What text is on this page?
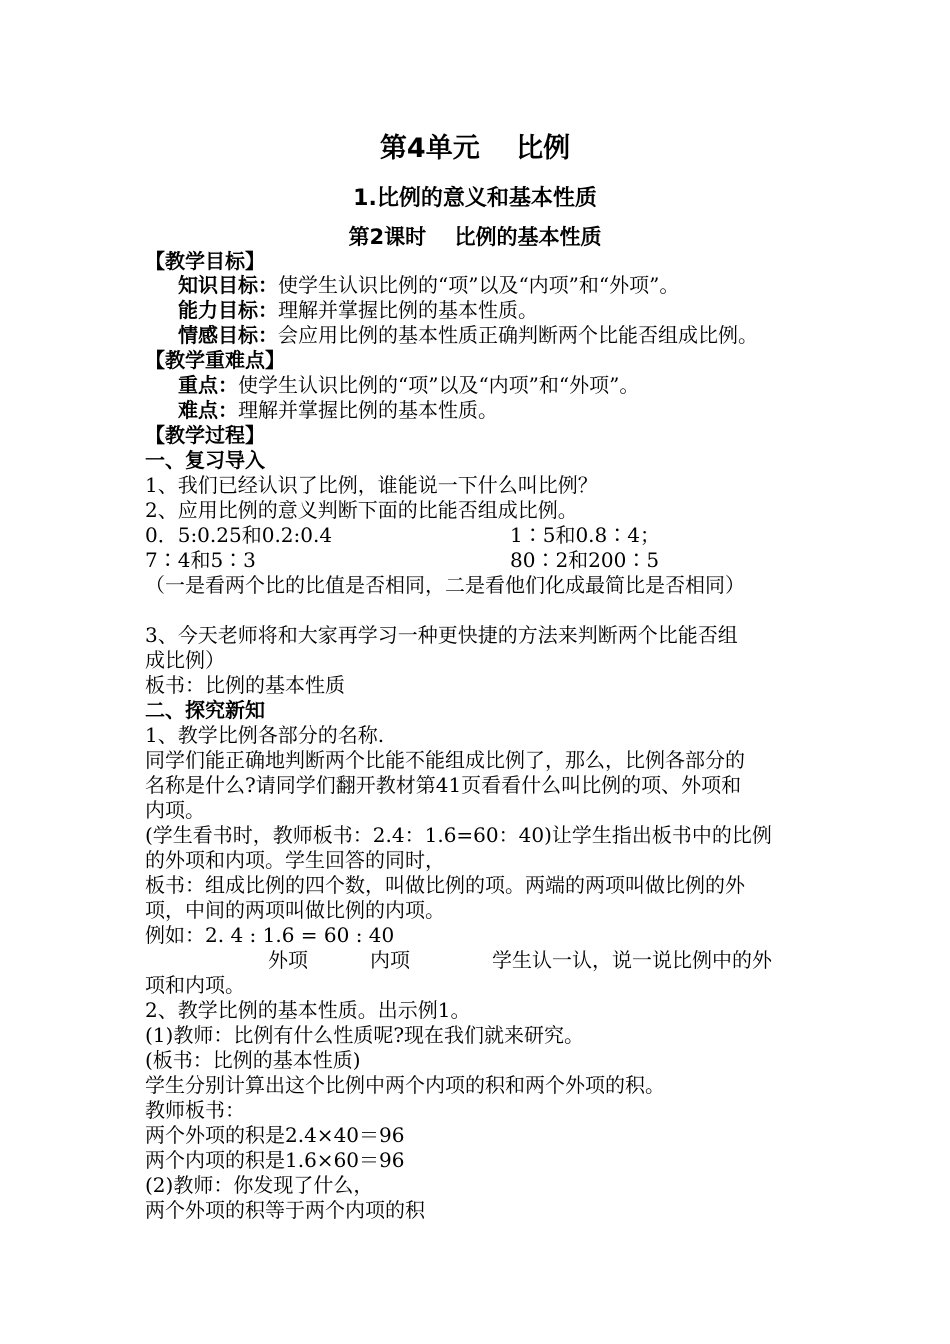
第4单元　 比例
1.比例的意义和基本性质
第2课时　 比例的基本性质
【教学目标】
知识目标：使学生认识比例的“项”以及“内项”和“外项”。
能力目标：理解并掌握比例的基本性质。
情感目标：会应用比例的基本性质正确判断两个比能否组成比例。
【教学重难点】
重点：使学生认识比例的“项”以及“内项”和“外项”。
难点：理解并掌握比例的基本性质。
【教学过程】
一、复习导入
1、我们已经认识了比例，谁能说一下什么叫比例？
2、应用比例的意义判断下面的比能否组成比例。
0．5:0.25和0.2:0.4	1∶5和0.8∶4；
7∶4和5∶3	80∶2和200∶5
（一是看两个比的比值是否相同，二是看他们化成最简比是否相同）
3、今天老师将和大家再学习一种更快捷的方法来判断两个比能否组
成比例）
板书：比例的基本性质
二、探究新知
1、教学比例各部分的名称.
同学们能正确地判断两个比能不能组成比例了，那么，比例各部分的
名称是什么?请同学们翻开教材第41页看看什么叫比例的项、外项和
内项。
(学生看书时，教师板书：2.4：1.6=60：40)让学生指出板书中的比例
的外项和内项。学生回答的同时，
板书：组成比例的四个数，叫做比例的项。两端的两项叫做比例的外
项，中间的两项叫做比例的内项。
例如：2. 4 : 1.6 = 60 : 40
外项	内项	学生认一认，说一说比例中的外
项和内项。
2、教学比例的基本性质。出示例1。
(1)教师：比例有什么性质呢?现在我们就来研究。
(板书：比例的基本性质)
学生分别计算出这个比例中两个内项的积和两个外项的积。
教师板书：
两个外项的积是2.4×40＝96
两个内项的积是1.6×60＝96
(2)教师：你发现了什么，
两个外项的积等于两个内项的积
